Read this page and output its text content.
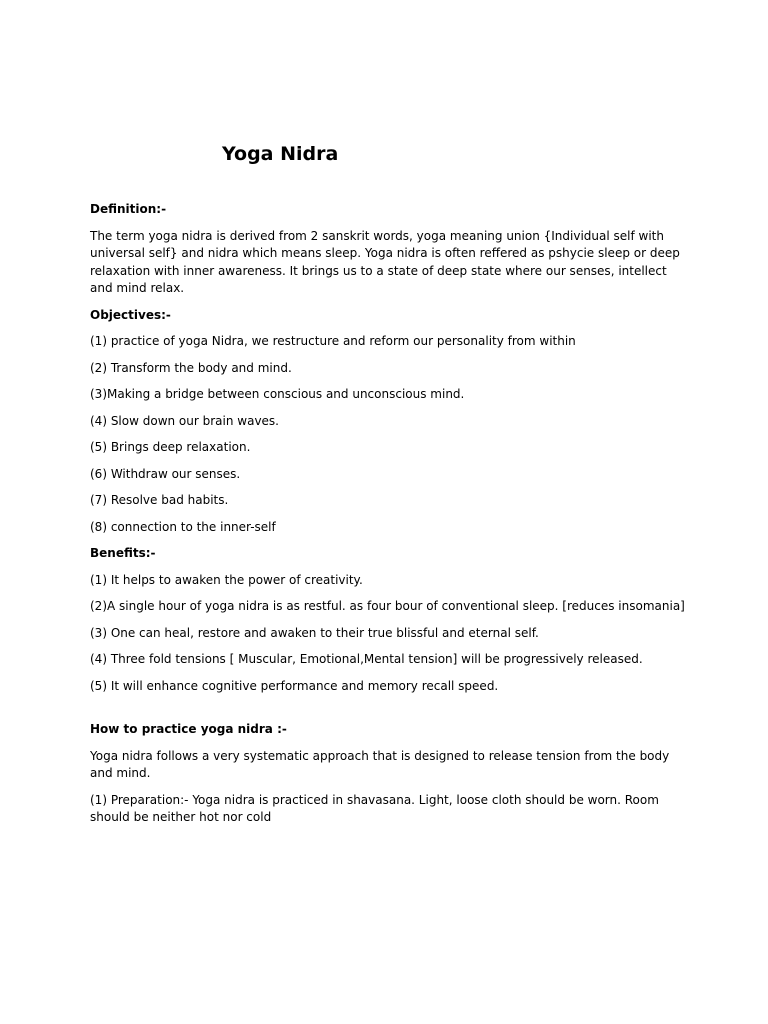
Yoga Nidra

Definition:-

The term yoga nidra is derived from 2 sanskrit words, yoga meaning union {Individual self with universal self} and nidra which means sleep. Yoga nidra is often reffered as pshycie sleep or deep relaxation with inner awareness. It brings us to a state of deep state where our senses, intellect and mind relax.

Objectives:-

(1) practice of yoga Nidra, we restructure and reform our personality from within

(2) Transform the body and mind.

(3)Making a bridge between conscious and unconscious mind.

(4) Slow down our brain waves.

(5) Brings deep relaxation.

(6) Withdraw our senses.

(7) Resolve bad habits.

(8) connection to the inner-self

Benefits:-

(1) It helps to awaken the power of creativity.

(2)A single hour of yoga nidra is as restful. as four bour of conventional sleep. [reduces insomania]

(3) One can heal, restore and awaken to their true blissful and eternal self.

(4) Three fold tensions [ Muscular, Emotional,Mental tension] will be progressively released.

(5) It will enhance cognitive performance and memory recall speed.

How to practice yoga nidra :-

Yoga nidra follows a very systematic approach that is designed to release tension from the body and mind.

(1) Preparation:- Yoga nidra is practiced in shavasana. Light, loose cloth should be worn. Room should be neither hot nor cold
